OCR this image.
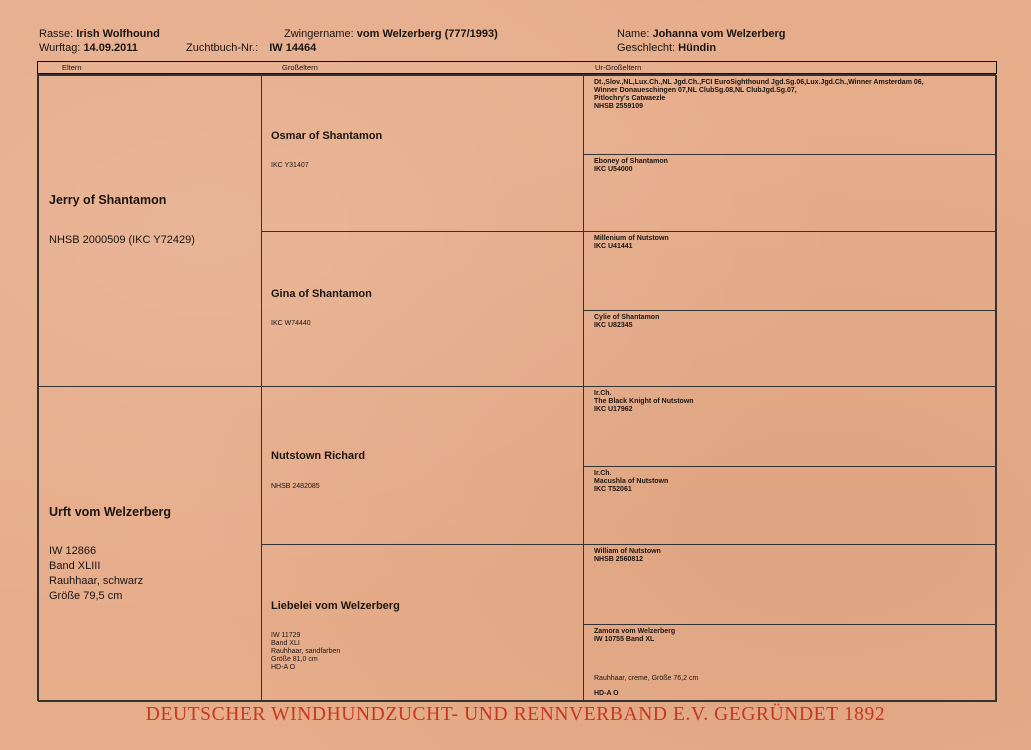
Rasse: Irish Wolfhound
Wurftag: 14.09.2011	Zuchtbuch-Nr.: IW 14464
Zwingername: vom Welzerberg (777/1993)	Name: Johanna vom Welzerberg
Geschlecht: Hündin
Eltern	Großeltern	Ur-Großeltern
Jerry of Shantamon
NHSB 2000509 (IKC Y72429)
Urft vom Welzerberg
IW 12866
Band XLIII
Rauhhaar, schwarz
Größe 79,5 cm
Osmar of Shantamon
IKC Y31407
Gina of Shantamon
IKC W74440
Nutstown Richard
NHSB 2482085
Liebelei vom Welzerberg
IW 11729
Band XLI
Rauhhaar, sandfarben
Größe 81,0 cm
HD-A O
Dt.,Slov.,NL,Lux.Ch.,NL Jgd.Ch.,FCI EuroSighthound Jgd.Sg.06,Lux.Jgd.Ch.,Winner Amsterdam 06,
Winner Donaueschingen 07,NL ClubSg.08,NL ClubJgd.Sg.07,
Pitlochry's Catwaezle
NHSB 2559109
Eboney of Shantamon
IKC U54000
Millenium of Nutstown
IKC U41441
Cylie of Shantamon
IKC U82345
Ir.Ch.
The Black Knight of Nutstown
IKC U17962
Ir.Ch.
Macushla of Nutstown
IKC T52061
William of Nutstown
NHSB 2560812
Zamora vom Welzerberg
IW 10755 Band XL
Rauhhaar, creme, Größe 76,2 cm
HD-A O
DEUTSCHER WINDHUNDZUCHT- UND RENNVERBAND E.V. GEGRÜNDET 1892
